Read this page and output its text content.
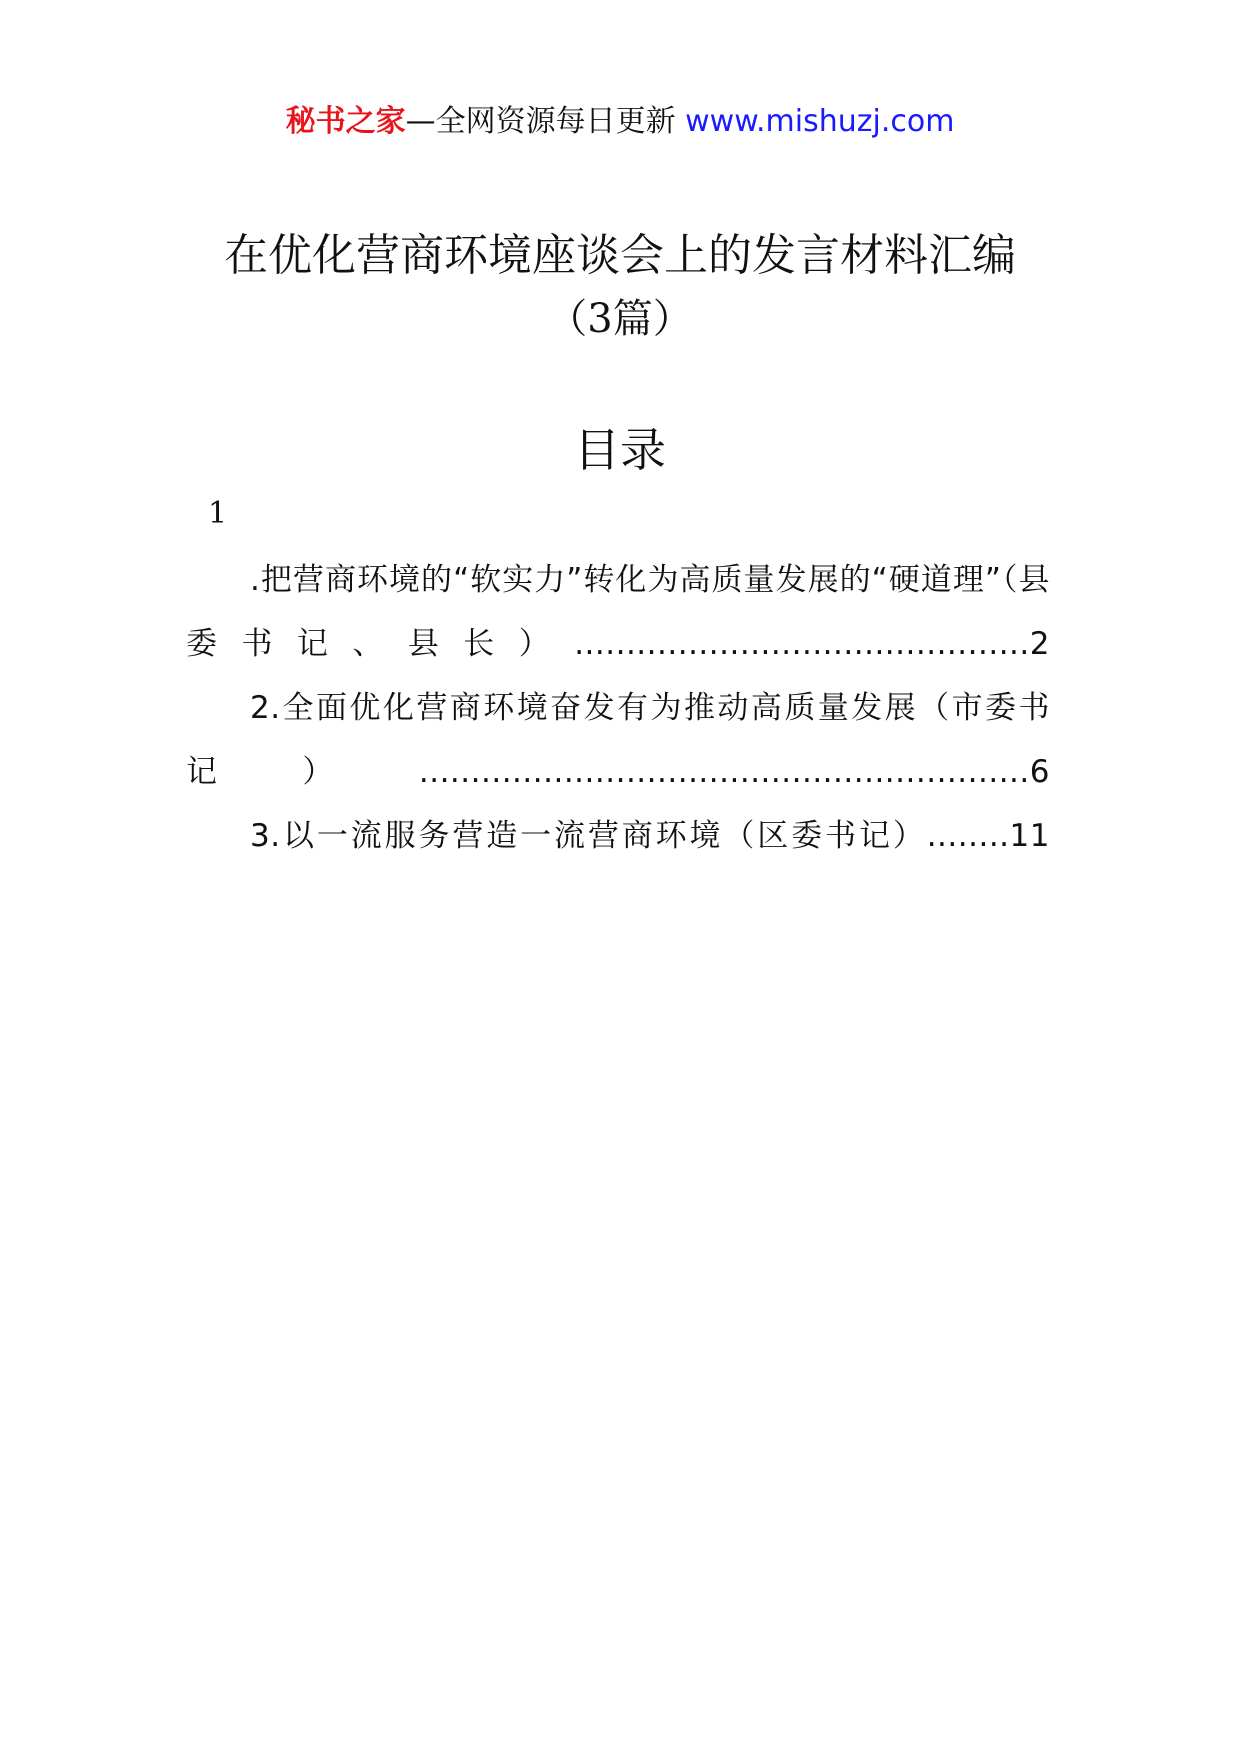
秘书之家—全网资源每日更新 www.mishuzj.com
在优化营商环境座谈会上的发言材料汇编
（3篇）
目录
1
.把营商环境的“软实力”转化为高质量发展的“硬道理”（县委书记、县长）............................................2
2.全面优化营商环境奋发有为推动高质量发展（市委书记）...........................................................6
3.以一流服务营造一流营商环境（区委书记）........11
